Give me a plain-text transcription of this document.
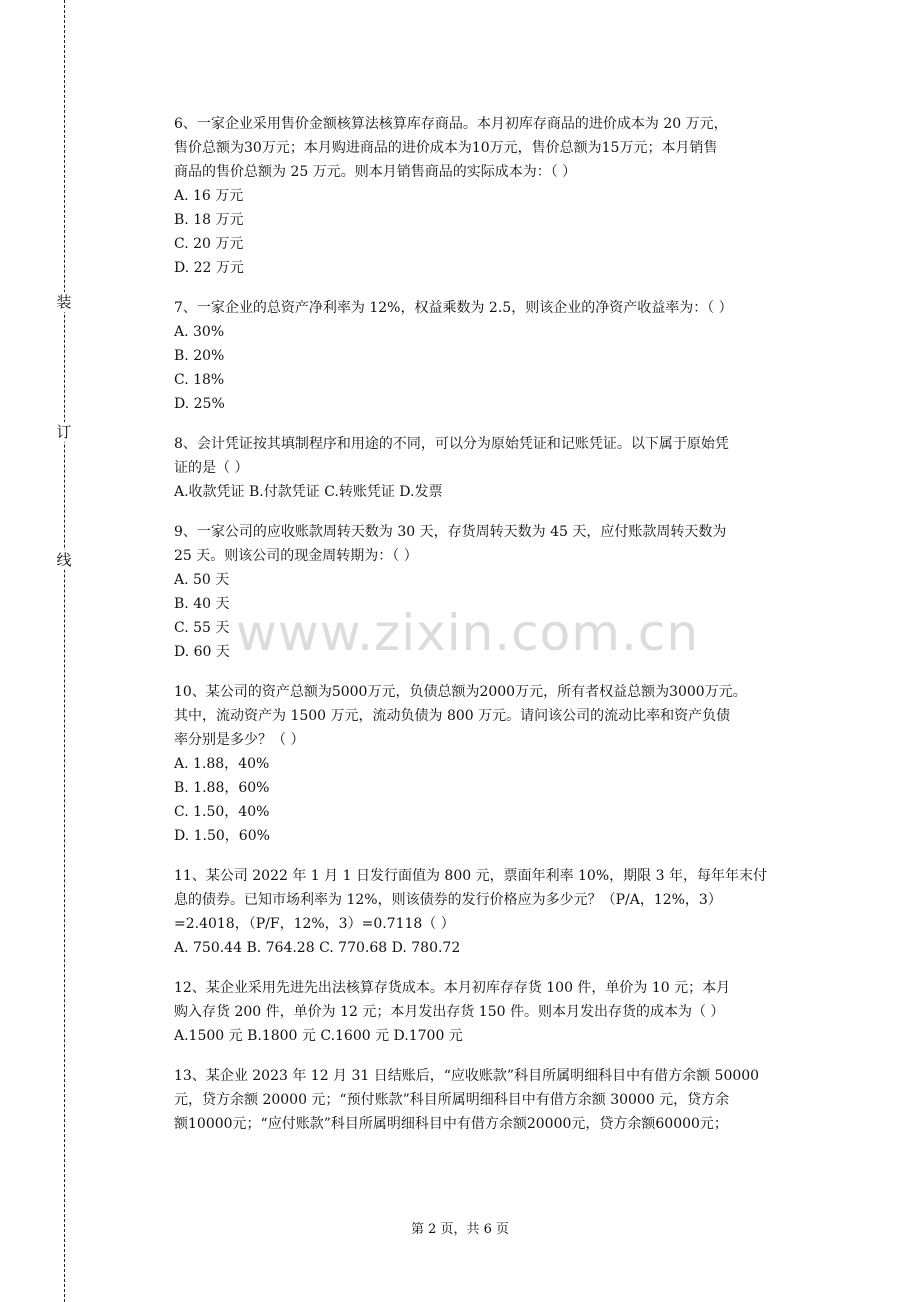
装
订
线
www.zixin.com.cn

6、一家企业采用售价金额核算法核算库存商品。本月初库存商品的进价成本为 20 万元，

售价总额为30万元；本月购进商品的进价成本为10万元，售价总额为15万元；本月销售

商品的售价总额为 25 万元。则本月销售商品的实际成本为：（ ）

A. 16 万元

B. 18 万元

C. 20 万元

D. 22 万元

7、一家企业的总资产净利率为 12%，权益乘数为 2.5，则该企业的净资产收益率为：（ ）

A. 30%

B. 20%

C. 18%

D. 25%

8、会计凭证按其填制程序和用途的不同，可以分为原始凭证和记账凭证。以下属于原始凭

证的是（ ）

A.收款凭证 B.付款凭证 C.转账凭证 D.发票

9、一家公司的应收账款周转天数为 30 天，存货周转天数为 45 天，应付账款周转天数为

25 天。则该公司的现金周转期为：（ ）

A. 50 天

B. 40 天

C. 55 天

D. 60 天

10、某公司的资产总额为5000万元，负债总额为2000万元，所有者权益总额为3000万元。

其中，流动资产为 1500 万元，流动负债为 800 万元。请问该公司的流动比率和资产负债

率分别是多少？（ ）

A. 1.88，40%

B. 1.88，60%

C. 1.50，40%

D. 1.50，60%

11、某公司 2022 年 1 月 1 日发行面值为 800 元，票面年利率 10%，期限 3 年，每年年末付

息的债券。已知市场利率为 12%，则该债券的发行价格应为多少元？（P/A，12%，3）

=2.4018，（P/F，12%，3）=0.7118（ ）

A. 750.44 B. 764.28 C. 770.68 D. 780.72

12、某企业采用先进先出法核算存货成本。本月初库存存货 100 件，单价为 10 元；本月

购入存货 200 件，单价为 12 元；本月发出存货 150 件。则本月发出存货的成本为（ ）

A.1500 元 B.1800 元 C.1600 元 D.1700 元

13、某企业 2023 年 12 月 31 日结账后，“应收账款”科目所属明细科目中有借方余额 50000

元，贷方余额 20000 元；“预付账款”科目所属明细科目中有借方余额 30000 元，贷方余

额10000元；“应付账款”科目所属明细科目中有借方余额20000元，贷方余额60000元；

第 2 页，共 6 页
